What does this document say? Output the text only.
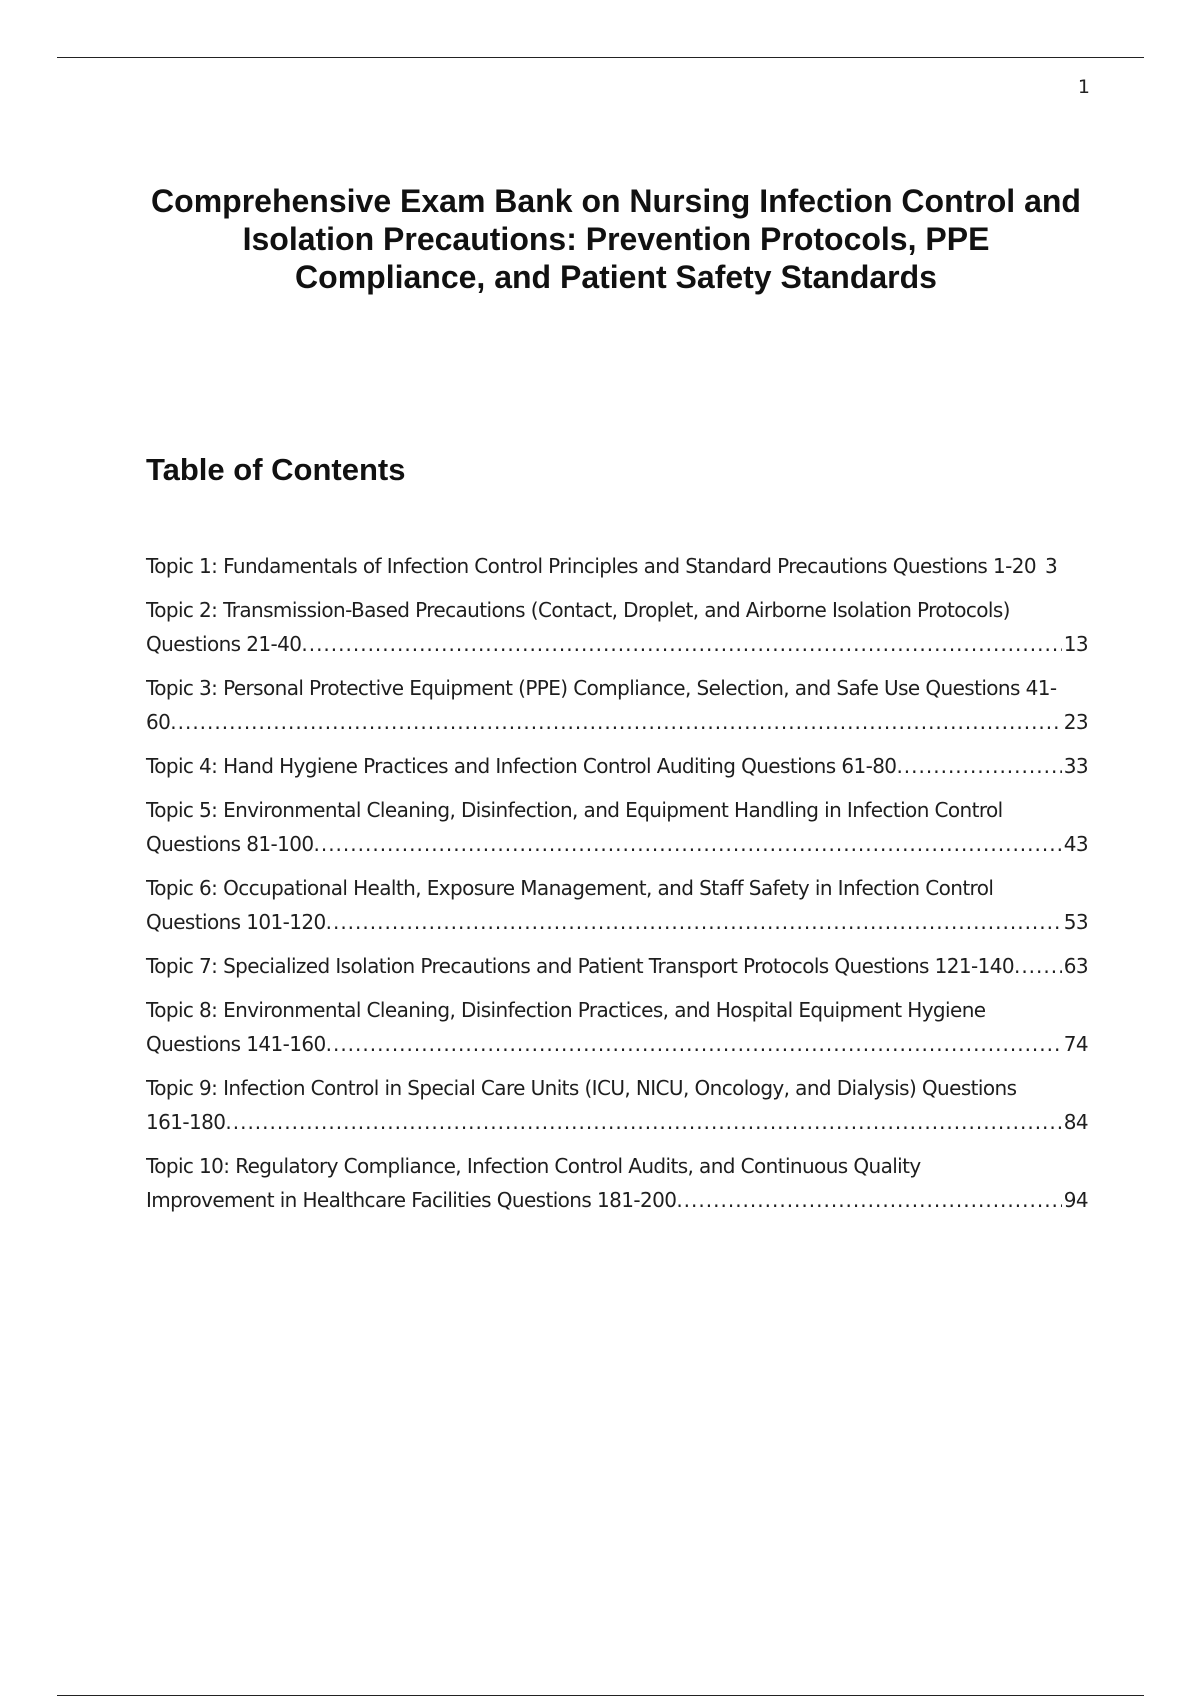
1
Comprehensive Exam Bank on Nursing Infection Control and Isolation Precautions: Prevention Protocols, PPE Compliance, and Patient Safety Standards
Table of Contents
Topic 1: Fundamentals of Infection Control Principles and Standard Precautions Questions 1-20 3
Topic 2: Transmission-Based Precautions (Contact, Droplet, and Airborne Isolation Protocols)
Questions 21-40 .....	13
Topic 3: Personal Protective Equipment (PPE) Compliance, Selection, and Safe Use Questions 41-
60 .....	23
Topic 4: Hand Hygiene Practices and Infection Control Auditing Questions 61-80 .....	33
Topic 5: Environmental Cleaning, Disinfection, and Equipment Handling in Infection Control
Questions 81-100 .....	43
Topic 6: Occupational Health, Exposure Management, and Staff Safety in Infection Control
Questions 101-120 .....	53
Topic 7: Specialized Isolation Precautions and Patient Transport Protocols Questions 121-140 ..... 63
Topic 8: Environmental Cleaning, Disinfection Practices, and Hospital Equipment Hygiene
Questions 141-160 .....	74
Topic 9: Infection Control in Special Care Units (ICU, NICU, Oncology, and Dialysis) Questions
161-180 .....	84
Topic 10: Regulatory Compliance, Infection Control Audits, and Continuous Quality
Improvement in Healthcare Facilities Questions 181-200 .....	94
